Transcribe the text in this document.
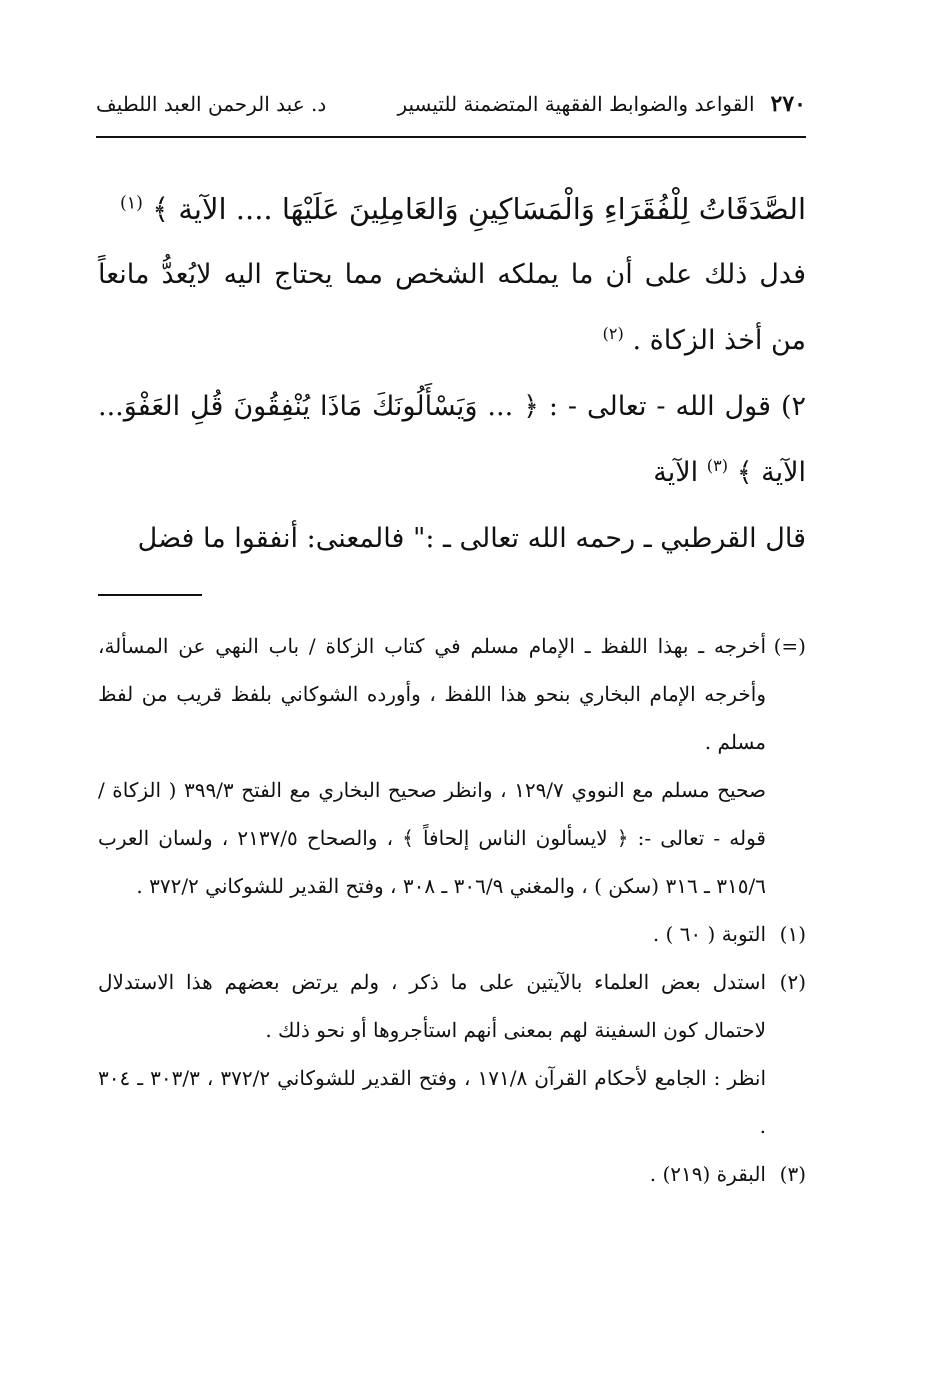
٢٧٠
القواعد والضوابط الفقهية المتضمنة للتيسير
د. عبد الرحمن العبد اللطيف

الصَّدَقَاتُ لِلْفُقَرَاءِ وَالْمَسَاكِينِ وَالعَامِلِينَ عَلَيْهَا .... الآية ﴾ $^{(١)}$

فدل ذلك على أن ما يملكه الشخص مما يحتاج اليه لايُعدُّ مانعاً من أخذ الزكاة . $^{(٢)}$

٢) قول الله - تعالى - : ﴿ ... وَيَسْأَلُونَكَ مَاذَا يُنْفِقُونَ قُلِ العَفْوَ... الآية ﴾ $^{(٣)}$ الآية

قال القرطبي ـ رحمه الله تعالى ـ :" فالمعنى: أنفقوا ما فضل

(=)أخرجه ـ بهذا اللفظ ـ الإمام مسلم في كتاب الزكاة / باب النهي عن المسألة، وأخرجه الإمام البخاري بنحو هذا اللفظ ، وأورده الشوكاني بلفظ قريب من لفظ مسلم .

صحيح مسلم مع النووي ١٢٩/٧ ، وانظر صحيح البخاري مع الفتح ٣٩٩/٣ ( الزكاة / قوله - تعالى -: ﴿ لايسألون الناس إلحافاً ﴾ ، والصحاح ٢١٣٧/٥ ، ولسان العرب ٣١٥/٦ ـ ٣١٦ (سكن ) ، والمغني ٣٠٦/٩ ـ ٣٠٨ ، وفتح القدير للشوكاني ٣٧٢/٢ .

(١)التوبة ( ٦٠ ) .

(٢)استدل بعض العلماء بالآيتين على ما ذكر ، ولم يرتض بعضهم هذا الاستدلال لاحتمال كون السفينة لهم بمعنى أنهم استأجروها أو نحو ذلك .

انظر : الجامع لأحكام القرآن ١٧١/٨ ، وفتح القدير للشوكاني ٣٧٢/٢ ، ٣٠٣/٣ ـ ٣٠٤ .

(٣)البقرة (٢١٩) .
